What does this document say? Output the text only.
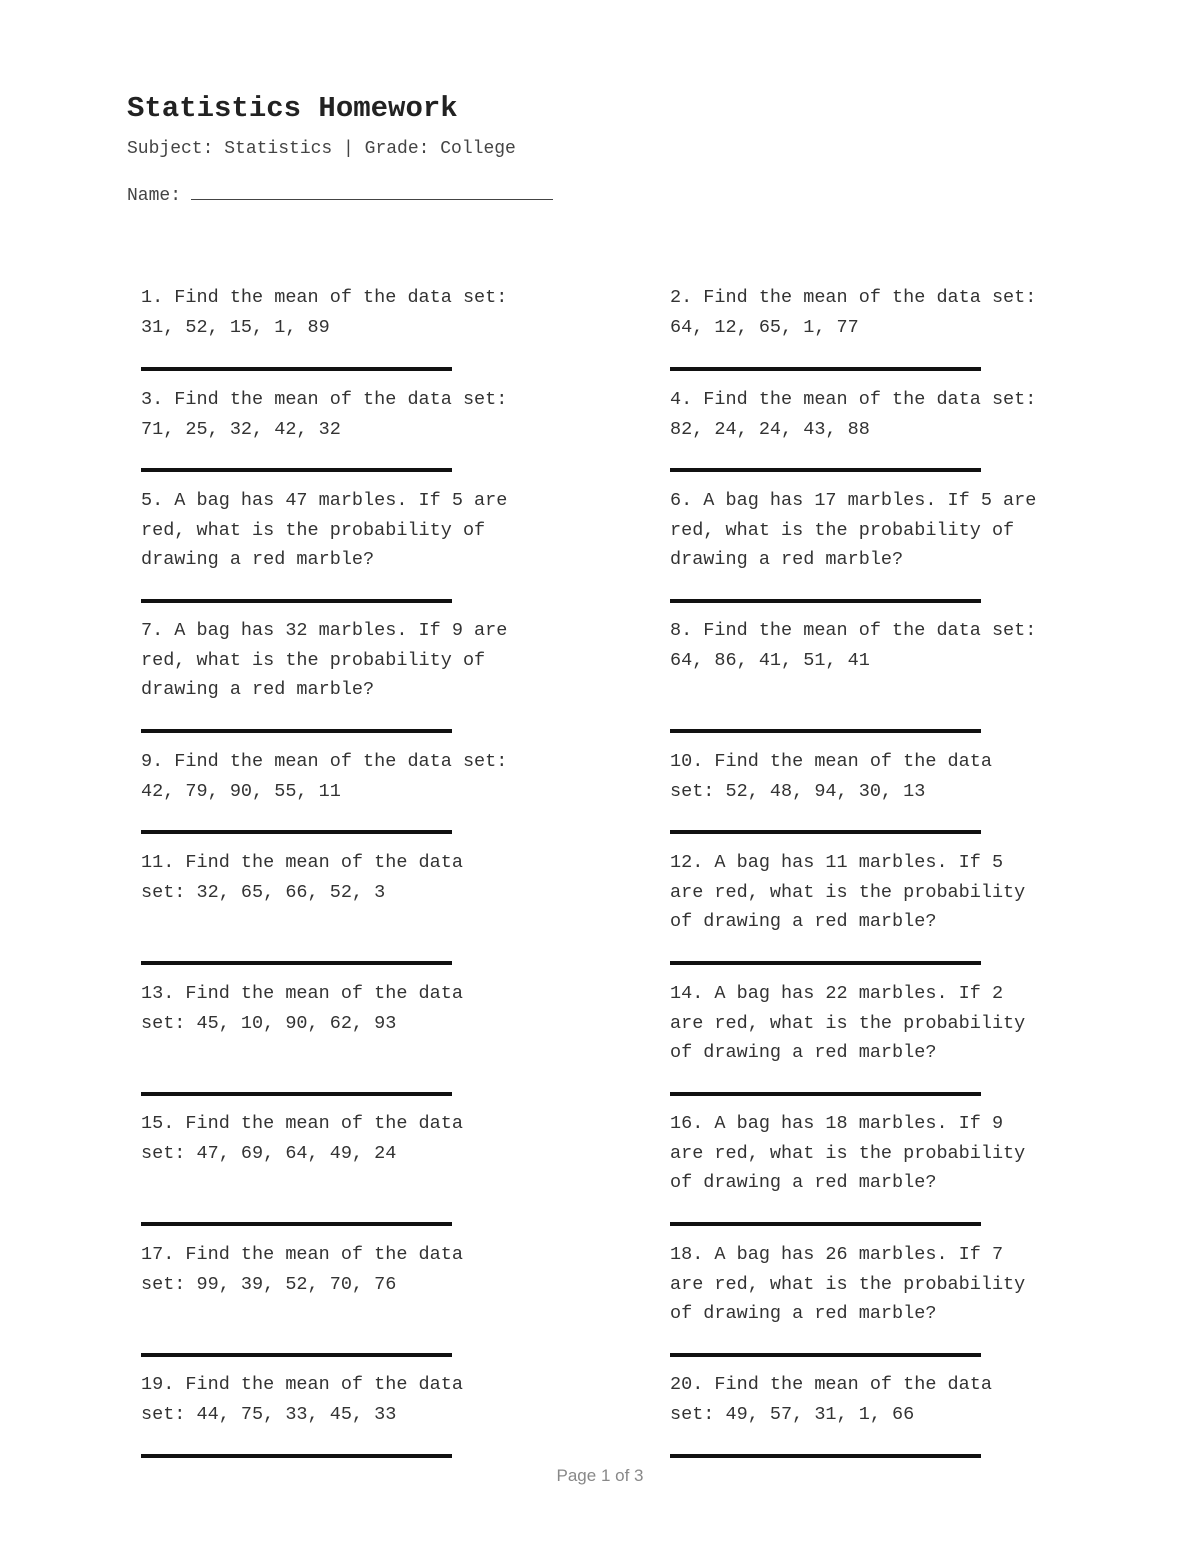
Statistics Homework
Subject: Statistics | Grade: College
Name:

1. Find the mean of the data set:
31, 52, 15, 1, 89

2. Find the mean of the data set:
64, 12, 65, 1, 77

3. Find the mean of the data set:
71, 25, 32, 42, 32

4. Find the mean of the data set:
82, 24, 24, 43, 88

5. A bag has 47 marbles. If 5 are
red, what is the probability of
drawing a red marble?

6. A bag has 17 marbles. If 5 are
red, what is the probability of
drawing a red marble?

7. A bag has 32 marbles. If 9 are
red, what is the probability of
drawing a red marble?

8. Find the mean of the data set:
64, 86, 41, 51, 41

9. Find the mean of the data set:
42, 79, 90, 55, 11

10. Find the mean of the data
set: 52, 48, 94, 30, 13

11. Find the mean of the data
set: 32, 65, 66, 52, 3

12. A bag has 11 marbles. If 5
are red, what is the probability
of drawing a red marble?

13. Find the mean of the data
set: 45, 10, 90, 62, 93

14. A bag has 22 marbles. If 2
are red, what is the probability
of drawing a red marble?

15. Find the mean of the data
set: 47, 69, 64, 49, 24

16. A bag has 18 marbles. If 9
are red, what is the probability
of drawing a red marble?

17. Find the mean of the data
set: 99, 39, 52, 70, 76

18. A bag has 26 marbles. If 7
are red, what is the probability
of drawing a red marble?

19. Find the mean of the data
set: 44, 75, 33, 45, 33

20. Find the mean of the data
set: 49, 57, 31, 1, 66

Page 1 of 3
